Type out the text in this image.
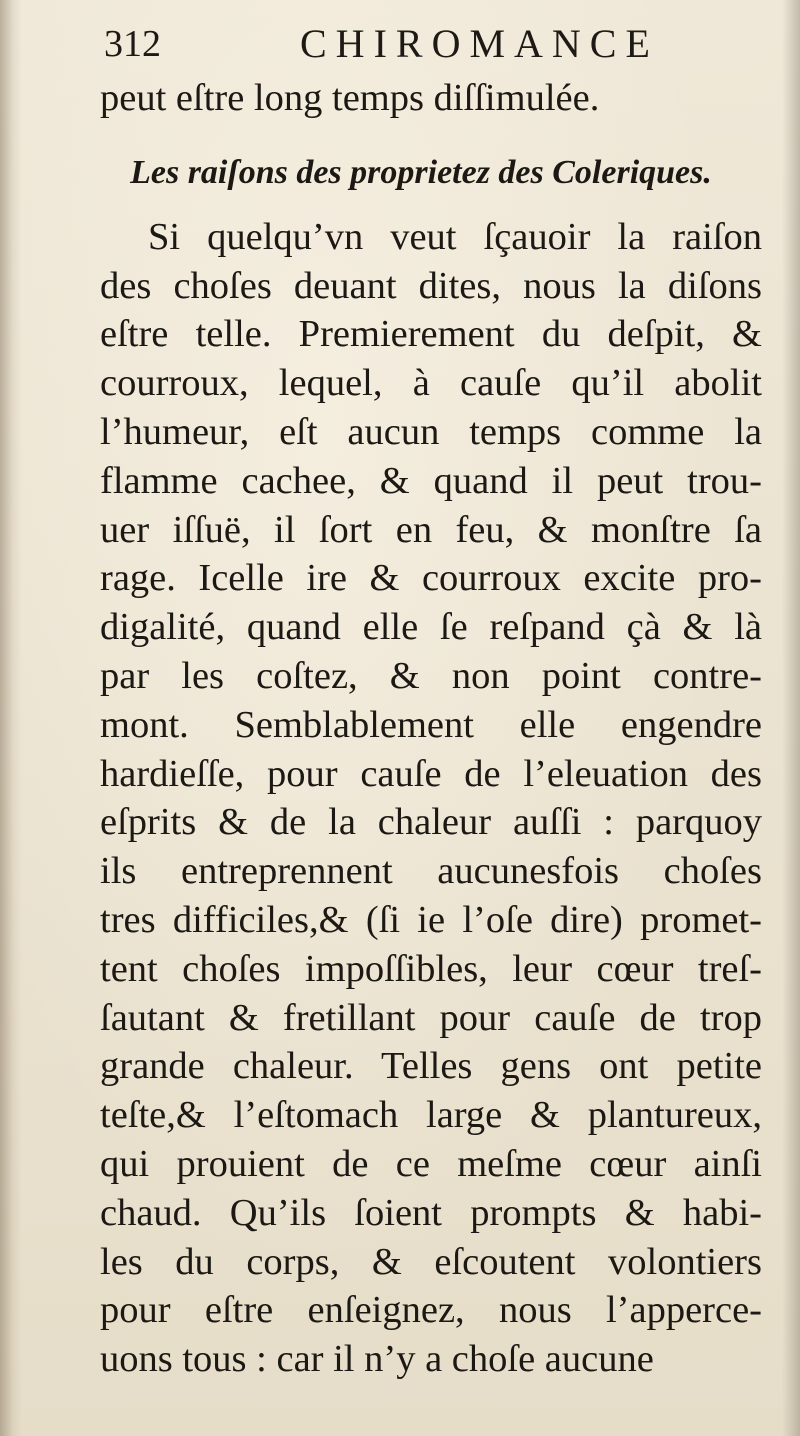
312	CHIROMANCE
peut eſtre long temps diſſimulée.
Les raiſons des proprietez des Coleriques.
Si quelqu’vn veut ſçauoir la raiſon
des choſes deuant dites, nous la diſons
eſtre telle. Premierement du deſpit, &
courroux, lequel, à cauſe qu’il abolit
l’humeur, eſt aucun temps comme la
flamme cachee, & quand il peut trou-
uer iſſuë, il ſort en feu, & monſtre ſa
rage. Icelle ire & courroux excite pro-
digalité, quand elle ſe reſpand çà & là
par les coſtez, & non point contre-
mont. Semblablement elle engendre
hardieſſe, pour cauſe de l’eleuation des
eſprits & de la chaleur auſſi : parquoy
ils entreprennent aucunesfois choſes
tres difficiles,& (ſi ie l’oſe dire) promet-
tent choſes impoſſibles, leur cœur treſ-
ſautant & fretillant pour cauſe de trop
grande chaleur. Telles gens ont petite
teſte,& l’eſtomach large & plantureux,
qui prouient de ce meſme cœur ainſi
chaud. Qu’ils ſoient prompts & habi-
les du corps, & eſcoutent volontiers
pour eſtre enſeignez, nous l’apperce-
uons tous : car il n’y a choſe aucune
